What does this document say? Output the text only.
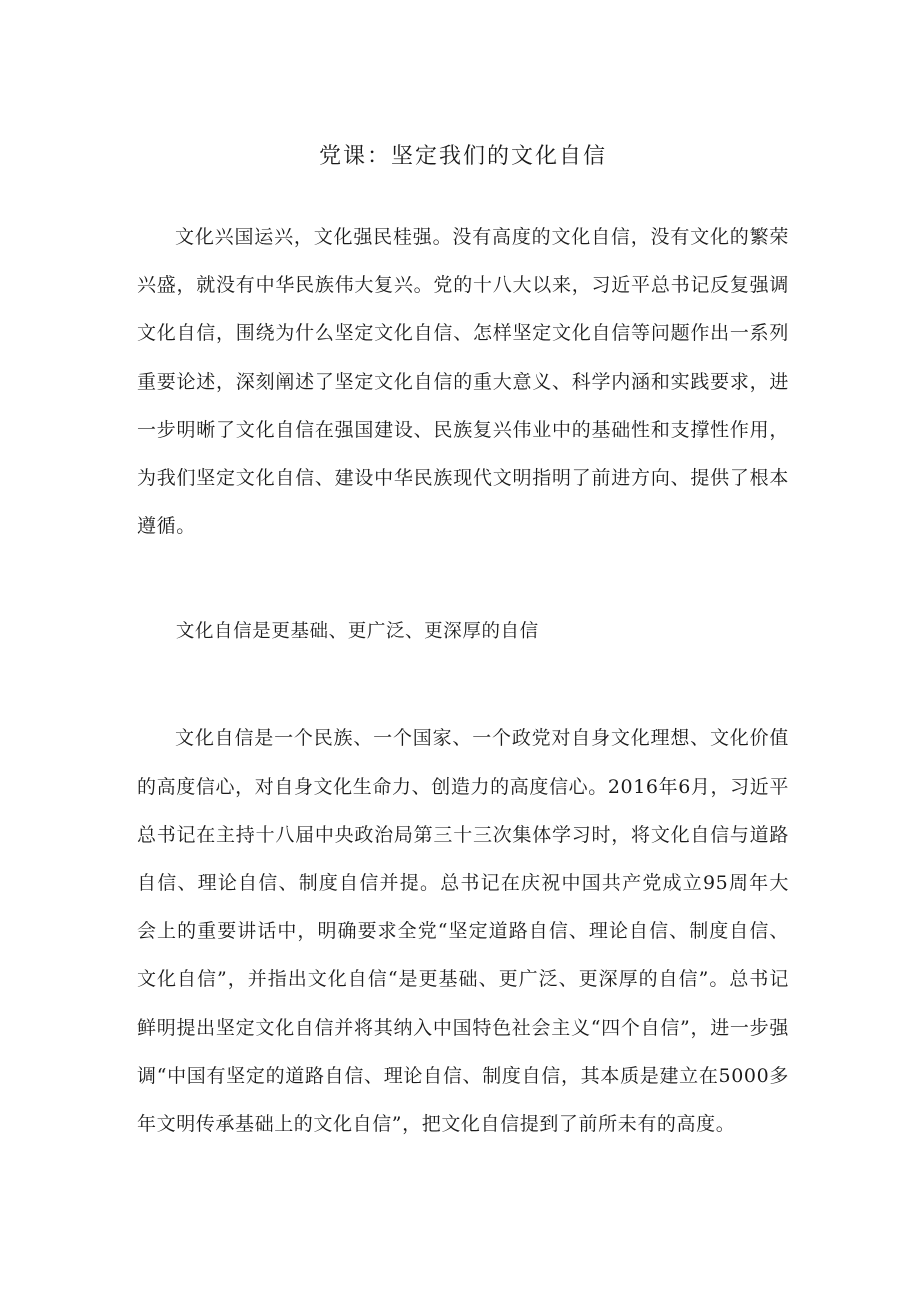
党课：坚定我们的文化自信

文化兴国运兴，文化强民桂强。没有高度的文化自信，没有文化的繁荣兴盛，就没有中华民族伟大复兴。党的十八大以来，习近平总书记反复强调文化自信，围绕为什么坚定文化自信、怎样坚定文化自信等问题作出一系列重要论述，深刻阐述了坚定文化自信的重大意义、科学内涵和实践要求，进一步明晰了文化自信在强国建设、民族复兴伟业中的基础性和支撑性作用，为我们坚定文化自信、建设中华民族现代文明指明了前进方向、提供了根本遵循。

文化自信是更基础、更广泛、更深厚的自信

文化自信是一个民族、一个国家、一个政党对自身文化理想、文化价值的高度信心，对自身文化生命力、创造力的高度信心。2016年6月，习近平总书记在主持十八届中央政治局第三十三次集体学习时，将文化自信与道路自信、理论自信、制度自信并提。总书记在庆祝中国共产党成立95周年大会上的重要讲话中，明确要求全党“坚定道路自信、理论自信、制度自信、文化自信”，并指出文化自信“是更基础、更广泛、更深厚的自信”。总书记鲜明提出坚定文化自信并将其纳入中国特色社会主义“四个自信”，进一步强调“中国有坚定的道路自信、理论自信、制度自信，其本质是建立在5000多年文明传承基础上的文化自信”，把文化自信提到了前所未有的高度。
